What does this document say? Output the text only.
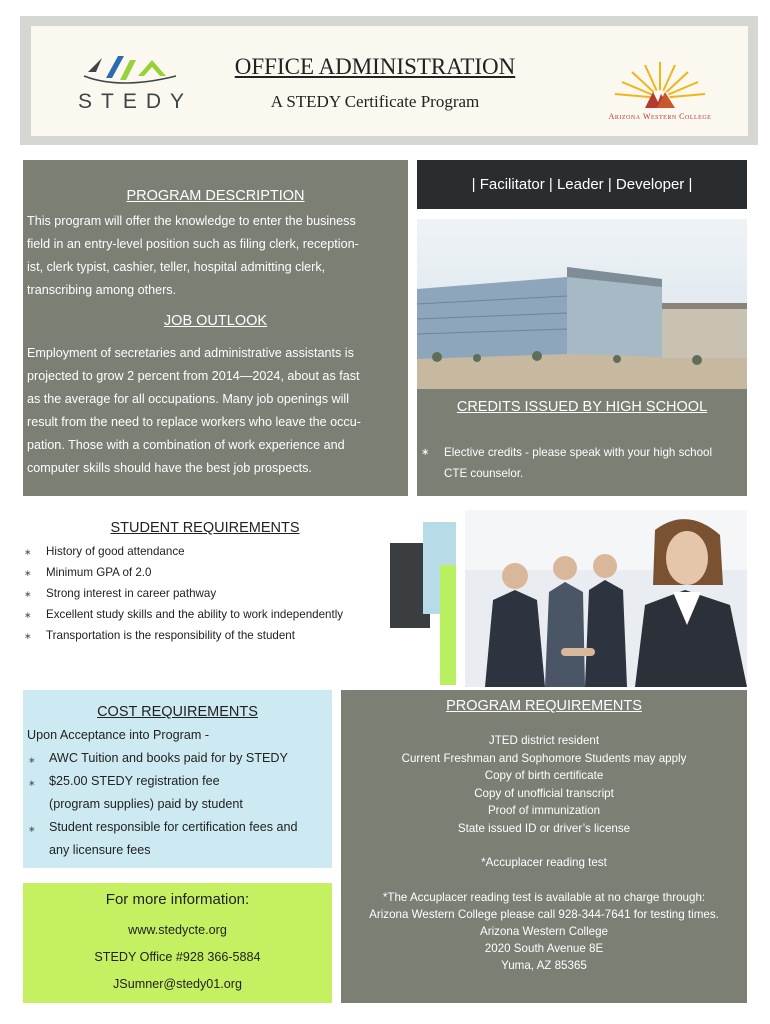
STEDY
OFFICE ADMINISTRATION
A STEDY Certificate Program
Arizona Western College
PROGRAM DESCRIPTION
This program will offer the knowledge to enter the business
field in an entry-level position such as filing clerk, reception-
ist, clerk typist, cashier, teller, hospital admitting clerk,
transcribing among others.
JOB OUTLOOK
Employment of secretaries and administrative assistants is
projected to grow 2 percent from 2014—2024, about as fast
as the average for all occupations. Many job openings will
result from the need to replace workers who leave the occu-
pation. Those with a combination of work experience and
computer skills should have the best job prospects.
| Facilitator | Leader | Developer |
CREDITS ISSUED BY HIGH SCHOOL
∗ Elective credits - please speak with your high school
CTE counselor.
STUDENT REQUIREMENTS
∗ History of good attendance
∗ Minimum GPA of 2.0
∗ Strong interest in career pathway
∗ Excellent study skills and the ability to work independently
∗ Transportation is the responsibility of the student
COST REQUIREMENTS
Upon Acceptance into Program -
∗ AWC Tuition and books paid for by STEDY
∗ $25.00 STEDY registration fee
(program supplies) paid by student
∗ Student responsible for certification fees and
any licensure fees
For more information:
www.stedycte.org
STEDY Office #928 366-5884
JSumner@stedy01.org
PROGRAM REQUIREMENTS
JTED district resident
Current Freshman and Sophomore Students may apply
Copy of birth certificate
Copy of unofficial transcript
Proof of immunization
State issued ID or driver’s license
*Accuplacer reading test
*The Accuplacer reading test is available at no charge through:
Arizona Western College please call 928-344-7641 for testing times.
Arizona Western College
2020 South Avenue 8E
Yuma, AZ 85365
